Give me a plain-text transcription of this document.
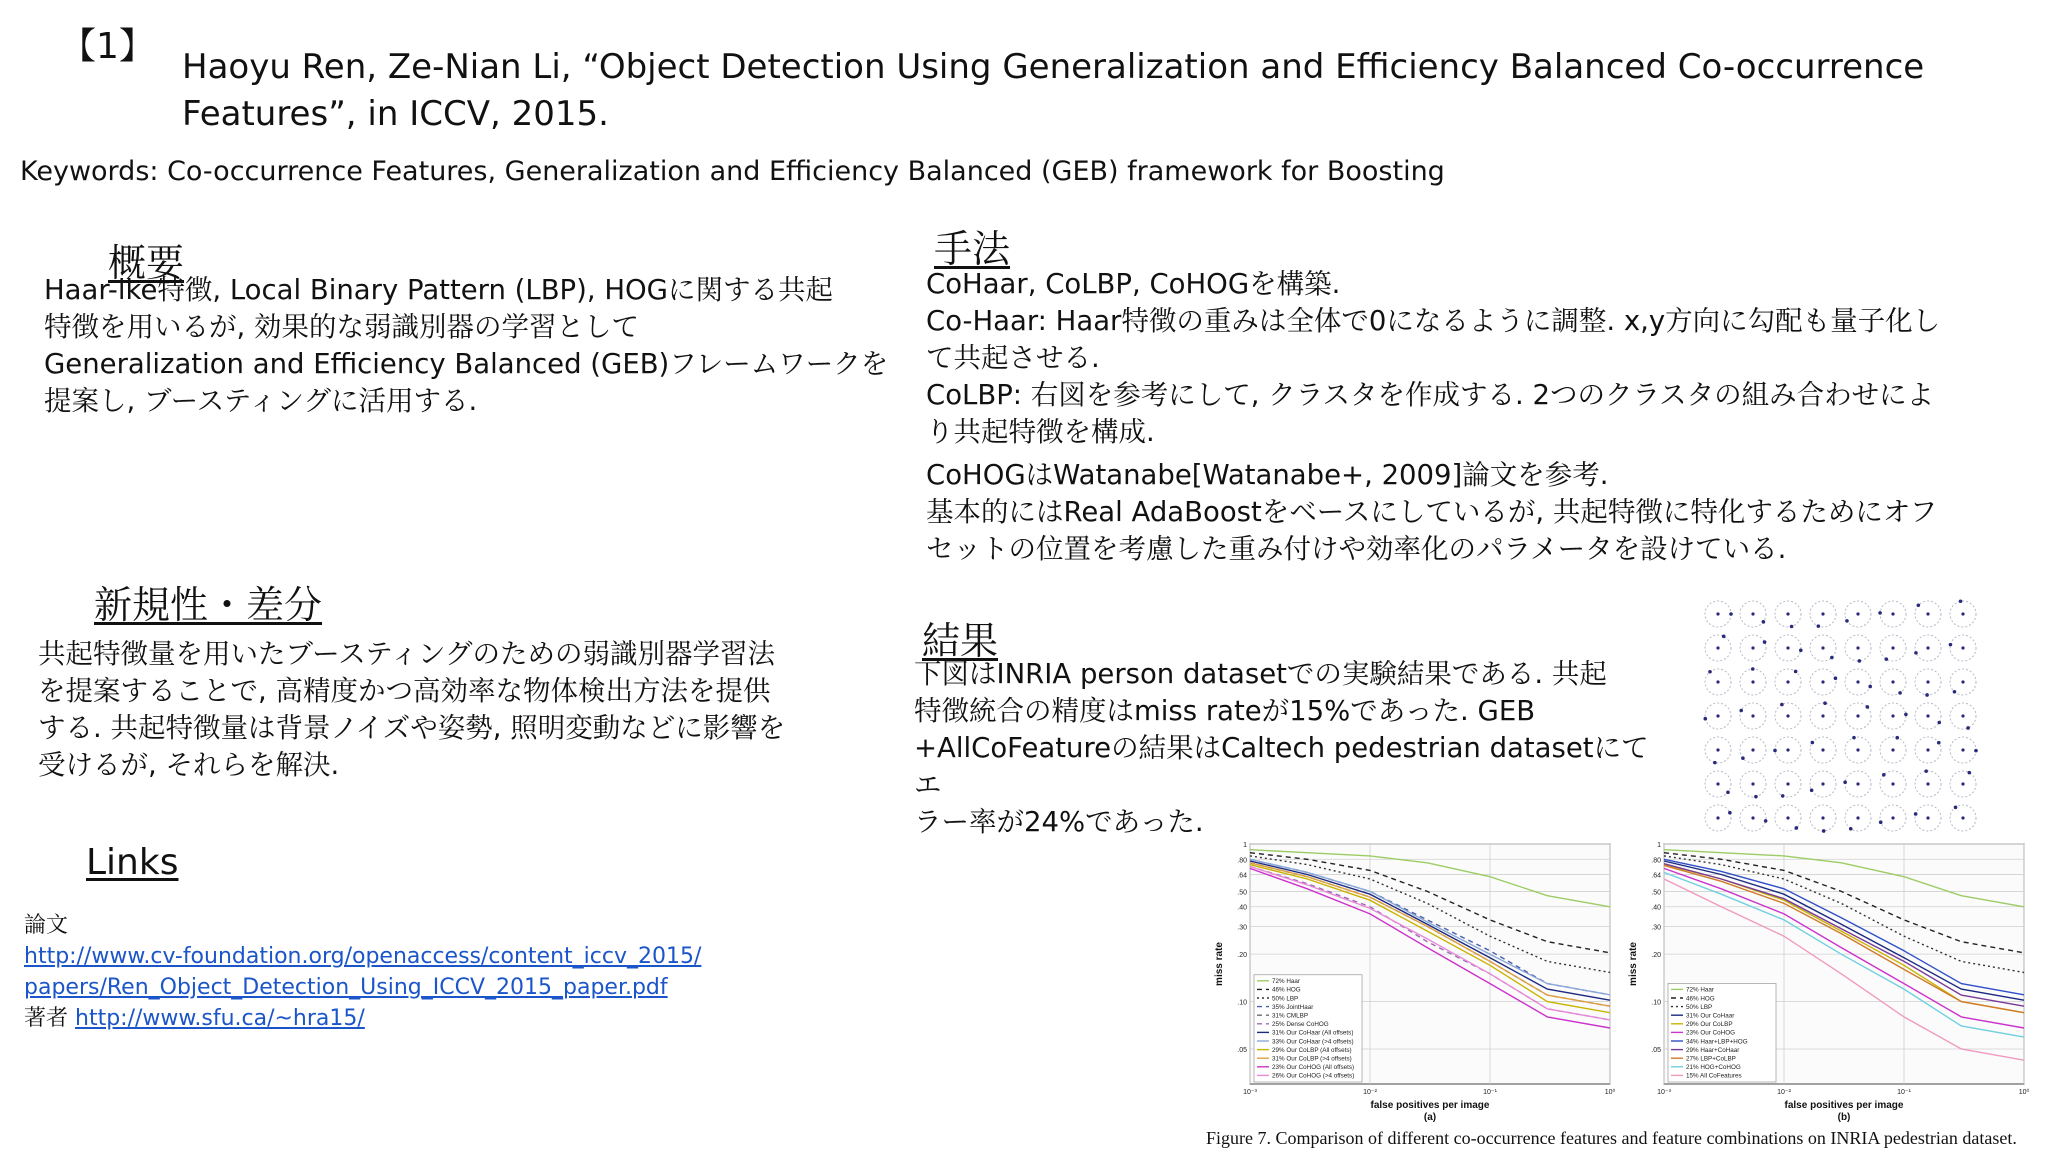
【1】 Haoyu Ren, Ze-Nian Li, “Object Detection Using Generalization and Efficiency Balanced Co-occurrence
Features”, in ICCV, 2015.
Keywords: Co-occurrence Features, Generalization and Efficiency Balanced (GEB) framework for Boosting
概要

Haar-lke特徴, Local Binary Pattern (LBP), HOGに関する共起

特徴を用いるが, 効果的な弱識別器の学習として

Generalization and Efficiency Balanced (GEB)フレームワークを

提案し, ブースティングに活用する.

新規性・差分

共起特徴量を用いたブースティングのための弱識別器学習法

を提案することで, 高精度かつ高効率な物体検出方法を提供

する. 共起特徴量は背景ノイズや姿勢, 照明変動などに影響を

受けるが, それらを解決.

Links
論文
http://www.cv-foundation.org/openaccess/content_iccv_2015/
papers/Ren_Object_Detection_Using_ICCV_2015_paper.pdf
著者 http://www.sfu.ca/~hra15/
手法

CoHaar, CoLBP, CoHOGを構築.

Co-Haar: Haar特徴の重みは全体で0になるように調整. x,y方向に勾配も量子化し

て共起させる.

CoLBP: 右図を参考にして, クラスタを作成する. 2つのクラスタの組み合わせによ

り共起特徴を構成.

CoHOGはWatanabe[Watanabe+, 2009]論文を参考.

基本的にはReal AdaBoostをベースにしているが, 共起特徴に特化するためにオフ

セットの位置を考慮した重み付けや効率化のパラメータを設けている.

結果

下図はINRIA person datasetでの実験結果である. 共起

特徴統合の精度はmiss rateが15%であった. GEB

+AllCoFeatureの結果はCaltech pedestrian datasetにてエ

ラー率が24%であった.

1
.80
.64
.50
.40
.30
.20
.10
.05
10⁻³	10⁻²	10⁻¹	10⁰
72% Haar
46% HOG
50% LBP
35% JointHaar
31% CMLBP
25% Dense CoHOG
31% Our CoHaar (All offsets)
33% Our CoHaar (>4 offsets)
29% Our CoLBP (All offsets)
31% Our CoLBP (>4 offsets)
23% Our CoHOG (All offsets)
26% Our CoHOG (>4 offsets)
miss rate
false positives per image
(a)
1
.80
.64
.50
.40
.30
.20
.10
.05
10⁻³	10⁻²	10⁻¹	10⁰
72% Haar
46% HOG
50% LBP
31% Our CoHaar
29% Our CoLBP
23% Our CoHOG
34% Haar+LBP+HOG
29% Haar+CoHaar
27% LBP+CoLBP
21% HOG+CoHOG
15% All CoFeatures
miss rate
false positives per image
(b)
Figure 7. Comparison of different co-occurrence features and feature combinations on INRIA pedestrian dataset.
